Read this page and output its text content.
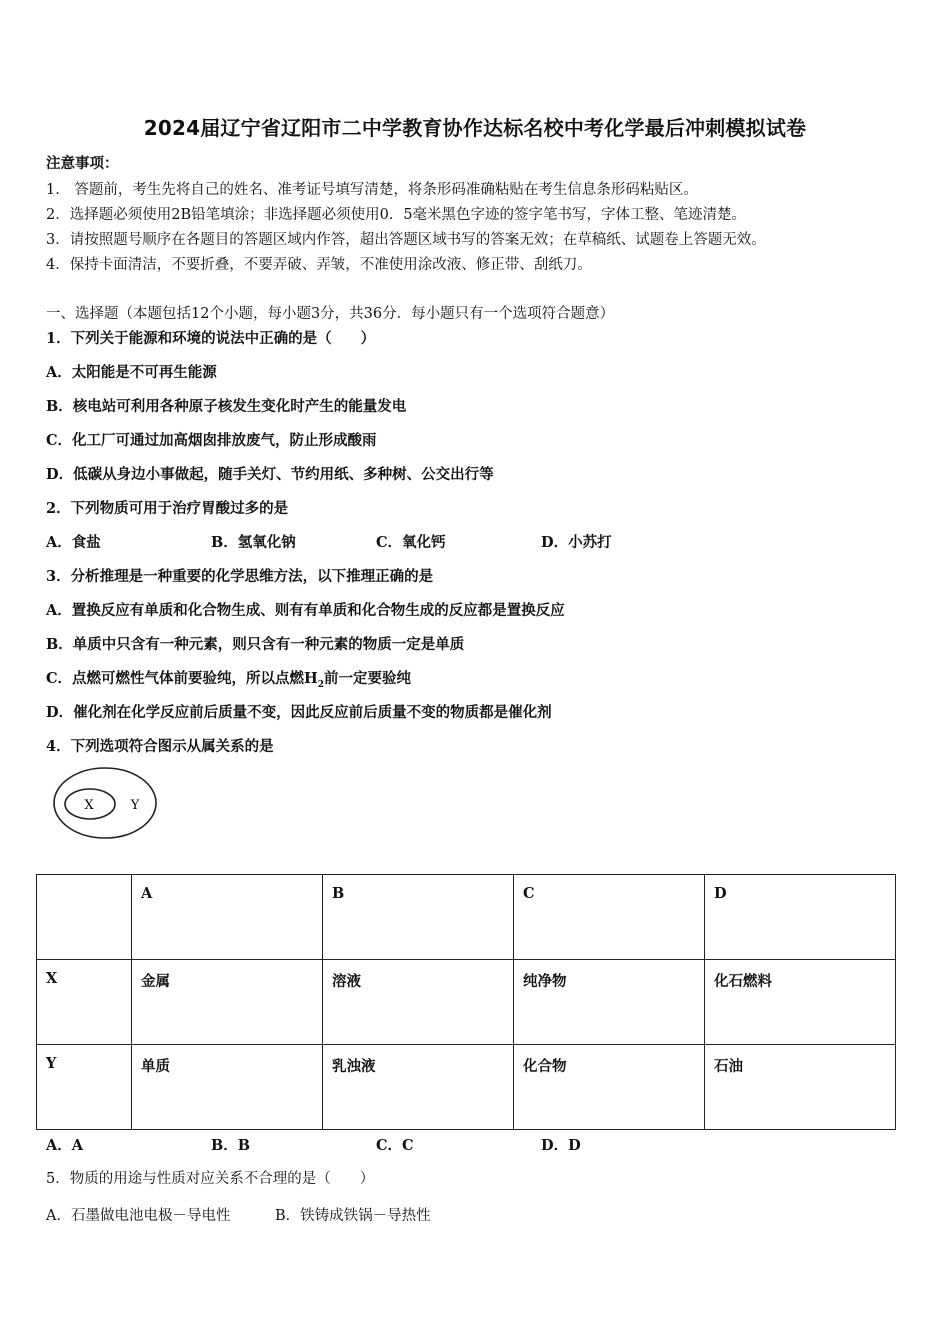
2024届辽宁省辽阳市二中学教育协作达标名校中考化学最后冲刺模拟试卷
注意事项：
1.　答题前，考生先将自己的姓名、准考证号填写清楚，将条形码准确粘贴在考生信息条形码粘贴区。
2．选择题必须使用2B铅笔填涂；非选择题必须使用0．5毫米黑色字迹的签字笔书写，字体工整、笔迹清楚。
3．请按照题号顺序在各题目的答题区域内作答，超出答题区域书写的答案无效；在草稿纸、试题卷上答题无效。
4．保持卡面清洁，不要折叠，不要弄破、弄皱，不准使用涂改液、修正带、刮纸刀。
一、选择题（本题包括12个小题，每小题3分，共36分．每小题只有一个选项符合题意）
1．下列关于能源和环境的说法中正确的是（　　）
A．太阳能是不可再生能源
B．核电站可利用各种原子核发生变化时产生的能量发电
C．化工厂可通过加高烟囱排放废气，防止形成酸雨
D．低碳从身边小事做起，随手关灯、节约用纸、多种树、公交出行等
2．下列物质可用于治疗胃酸过多的是
A．食盐	B．氢氧化钠	C．氧化钙	D．小苏打
3．分析推理是一种重要的化学思维方法，以下推理正确的是
A．置换反应有单质和化合物生成、则有有单质和化合物生成的反应都是置换反应
B．单质中只含有一种元素，则只含有一种元素的物质一定是单质
C．点燃可燃性气体前要验纯，所以点燃$H_2$前一定要验纯
D．催化剂在化学反应前后质量不变，因此反应前后质量不变的物质都是催化剂
4．下列选项符合图示从属关系的是
X	Y
	A	B	C	D
X	金属	溶液	纯净物	化石燃料
Y	单质	乳浊液	化合物	石油
A．A	B．B	C．C	D．D
5．物质的用途与性质对应关系不合理的是（　　）
A．石墨做电池电极－导电性	B．铁铸成铁锅－导热性
